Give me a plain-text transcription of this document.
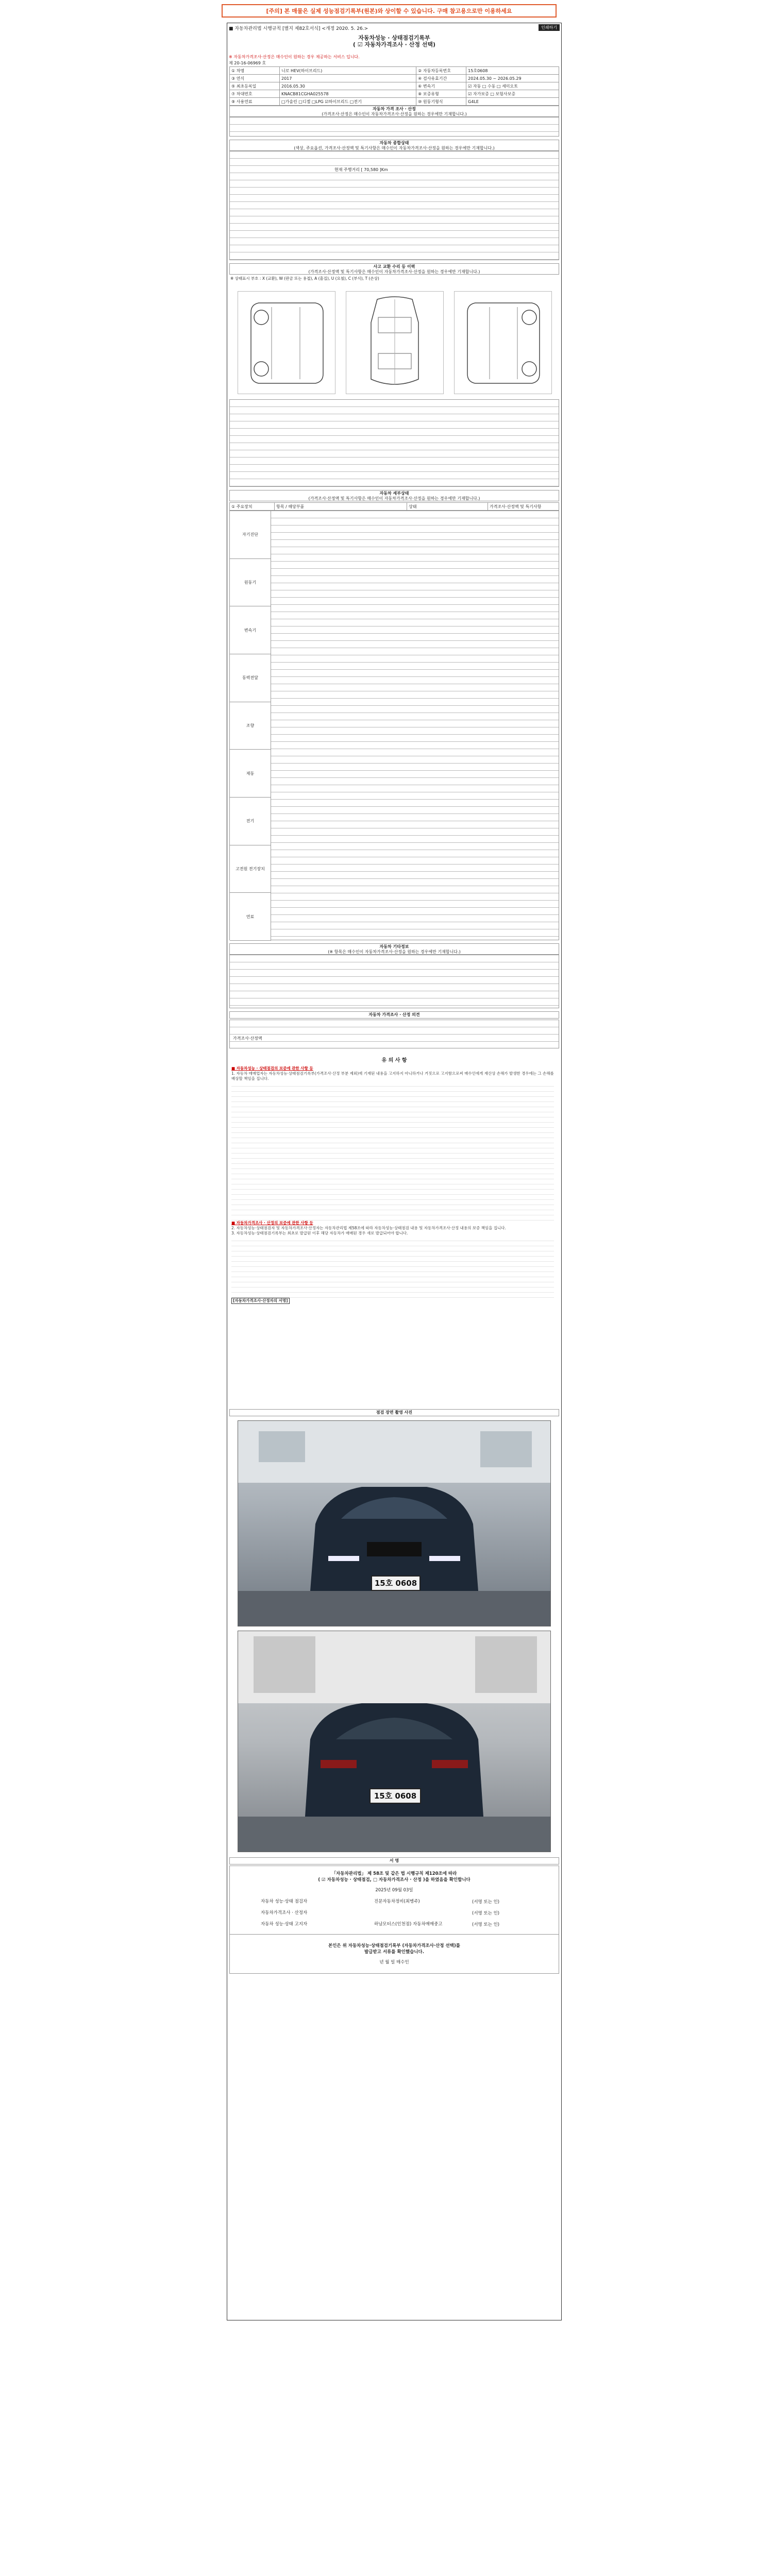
[주의] 본 매물은 실제 성능점검기록부(원본)와 상이할 수 있습니다. 구매 참고용으로만 이용하세요
■ 자동차관리법 시행규칙 [별지 제82호서식] <개정 2020. 5. 26.>	인쇄하기
자동차성능 · 상태점검기록부
( ☑ 자동차가격조사 · 산정 선택)
※ 자동차가격조사·산정은 매수인이 원하는 경우 제공하는 서비스 입니다.
제 20-16-06969 호
① 차명	니로 HEV(하이브리드)	② 자동차등록번호	15호0608
③ 연식	2017	④ 검사유효기간	2024.05.30 ~ 2026.05.29
⑤ 최초등록일	2016.05.30	⑥ 변속기	☑ 자동 □ 수동 □ 세미오토
⑦ 차대번호	KNACB81CGHA025578	⑧ 보증유형	☑ 자가보증 □ 보험사보증
⑨ 사용연료	□가솔린 □디젤 □LPG ☑하이브리드 □전기	⑩ 원동기형식	G4LE
자동차 가격 조사 · 산정
(가격조사·산정은 매수인이 자동차가격조사·산정을 원하는 경우에만 기재합니다.)
자동차 종합상태
(색상, 주요옵션, 가격조사·산정액 및 특기사항은 매수인이 자동차가격조사·산정을 원하는 경우에만 기재합니다.)
현재 주행거리 [ 70,580 ]Km
사고 교환 수리 등 이력
(가격조사·산정액 및 특기사항은 매수인이 자동차가격조사·산정을 원하는 경우에만 기재합니다.)
※ 상태표시 부호 : X (교환), W (판금 또는 용접), A (흠집), U (요철), C (부식), T (손상)
자동차 세부상태
(가격조사·산정액 및 특기사항은 매수인이 자동차가격조사·산정을 원하는 경우에만 기재합니다.)
① 주요장치	항목 / 해당부품	상태	가격조사·산정액 및 특기사항
자기진단
원동기
변속기
동력전달
조향
제동
전기
고전원 전기장치
연료
자동차 기타정보
(※ 항목은 매수인이 자동차가격조사·산정을 원하는 경우에만 기재합니다.)
자동차 가격조사 · 산정 의견
가격조사·산정액
유 의 사 항
■ 자동차성능 · 상태점검의 보증에 관한 사항 등
1. 자동차 매매업자는 자동차성능·상태점검기록부(가격조사·산정 부분 제외)에 기재된 내용을 고지하지 아니하거나 거짓으로 고지함으로써 매수인에게 재산상 손해가 발생한 경우에는 그 손해를 배상할 책임을 집니다.
■ 자동차가격조사 · 산정의 보증에 관한 사항 등
2. 자동차성능·상태점검자 및 자동차가격조사·산정자는 자동차관리법 제58조에 따라 자동차성능·상태점검 내용 및 자동차가격조사·산정 내용의 보증 책임을 집니다.
3. 자동차성능·상태점검기록부는 최초로 발급된 이후 해당 자동차가 매매된 경우 새로 발급되어야 합니다.
[자동차가격조사·산정자의 서명]
점검 장면 촬영 사진
15호 0608
15호 0608
서 명
「자동차관리법」 제 58조 및 같은 법 시행규칙 제120조에 따라
( ☑ 자동차성능 · 상태점검, □ 자동차가격조사 · 산정 )을 하였음을 확인합니다
2025년 09월 03일
자동차 성능·상태 점검자	진문자동차정비(최병주)	(서명 또는 인)
자동차가격조사 · 산정자	(서명 또는 인)
자동차 성능·상태 고지자	하남모터스(인천점) 자동차매매중고	(서명 또는 인)
본인은 위 자동차성능·상태점검기록부 (자동차가격조사·산정 선택)를
발급받고 서류를 확인했습니다.
년 월 일 매수인
